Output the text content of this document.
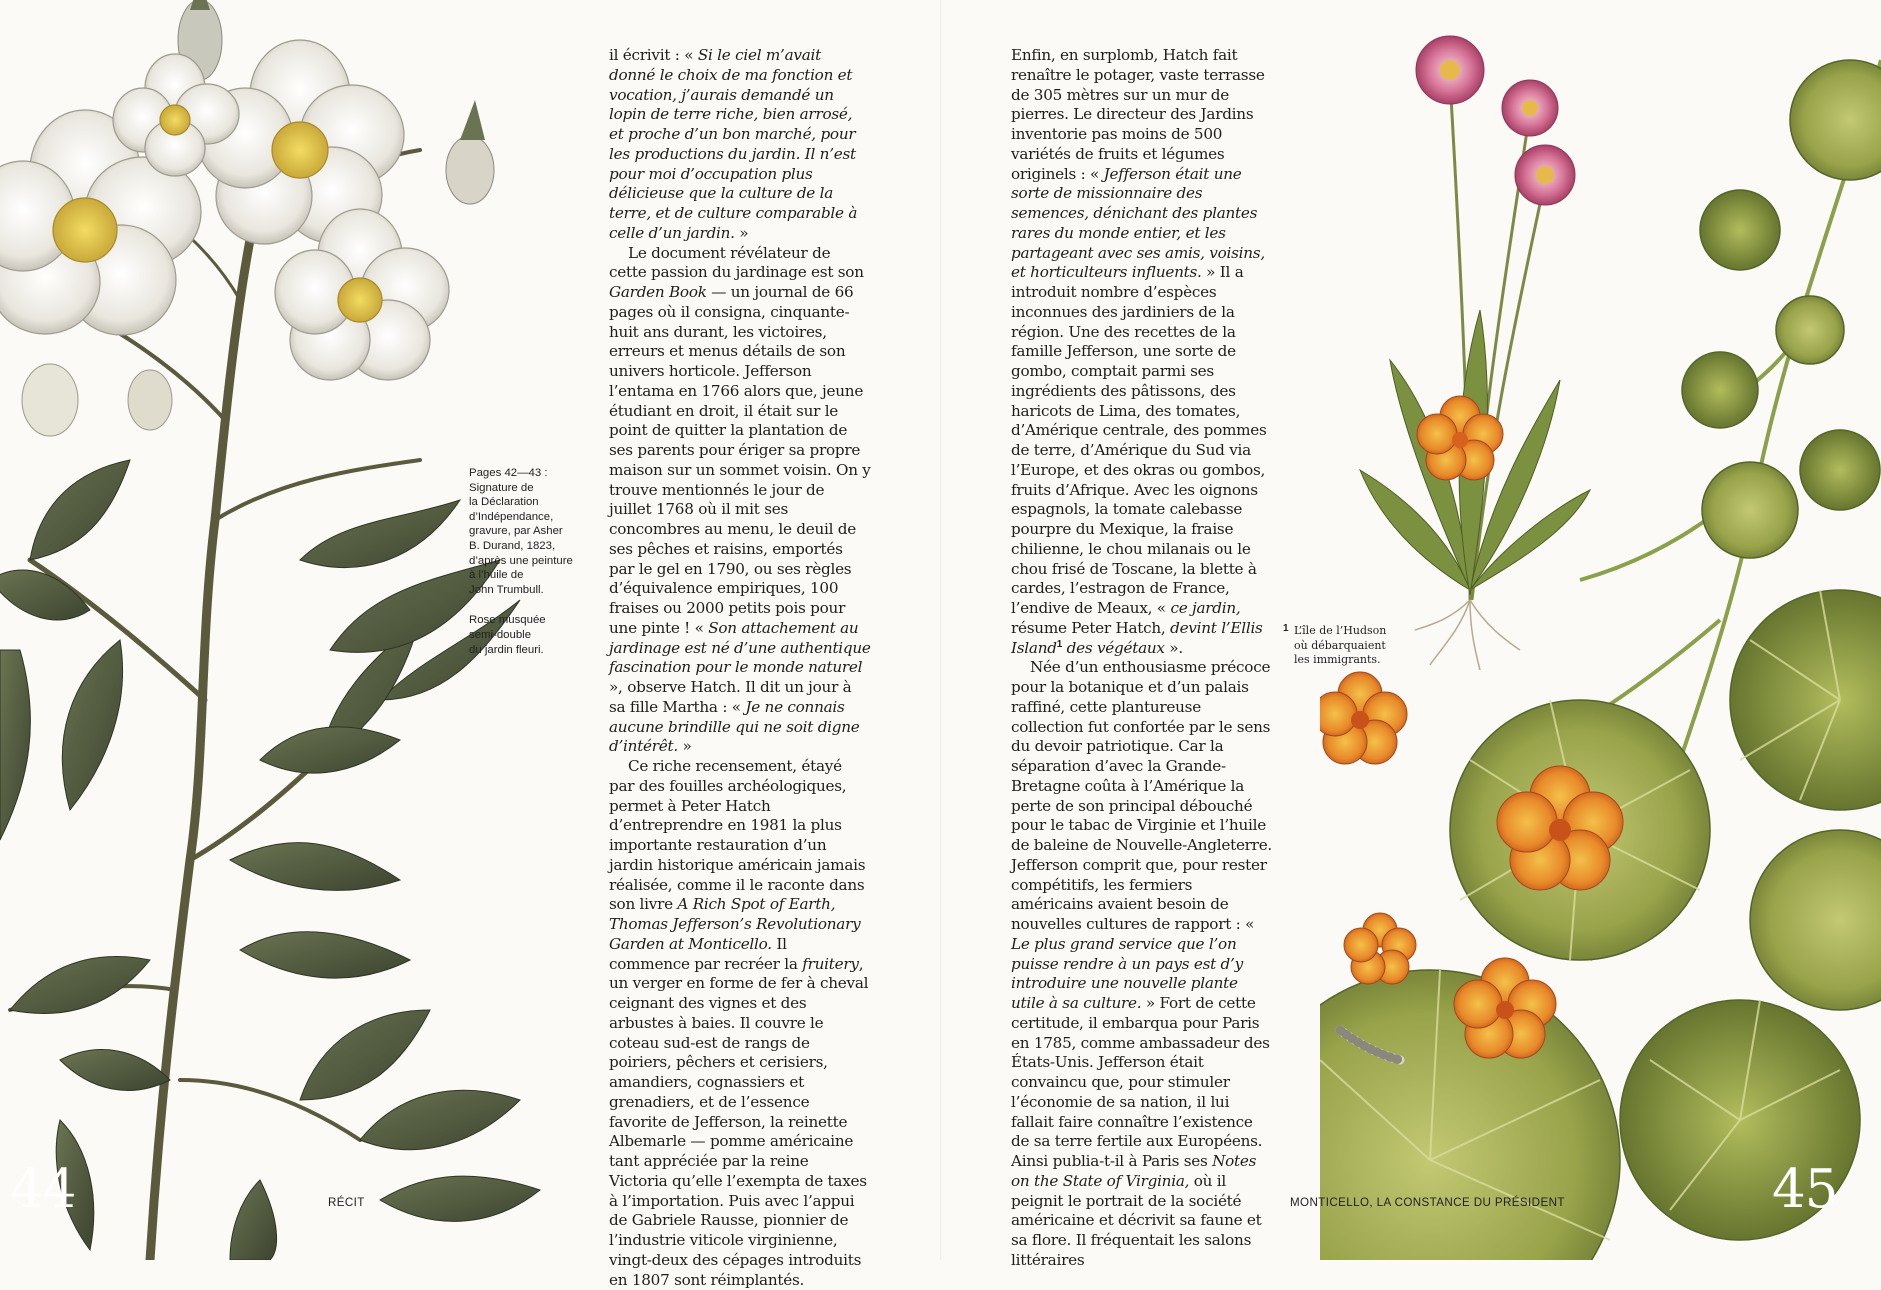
Pages 42—43 :
Signature de
la Déclaration
d’Indépendance,
gravure, par Asher
B. Durand, 1823,
d’après une peinture
à l’huile de
John Trumbull.

Rose musquée
semi-double
du jardin fleuri.

il écrivit : « Si le ciel m’avait donné le choix de ma fonction et vocation, j’aurais demandé un lopin de terre riche, bien arrosé, et proche d’un bon marché, pour les productions du jardin. Il n’est pour moi d’occupation plus délicieuse que la culture de la terre, et de culture comparable à celle d’un jardin. »

Le document révélateur de cette passion du jardinage est son Garden Book — un journal de 66 pages où il consigna, cinquante-huit ans durant, les victoires, erreurs et menus détails de son univers horticole. Jefferson l’entama en 1766 alors que, jeune étudiant en droit, il était sur le point de quitter la plantation de ses parents pour ériger sa propre maison sur un sommet voisin. On y trouve mentionnés le jour de juillet 1768 où il mit ses concombres au menu, le deuil de ses pêches et raisins, emportés par le gel en 1790, ou ses règles d’équivalence empiriques, 100 fraises ou 2000 petits pois pour une pinte ! « Son attachement au jardinage est né d’une authentique fascination pour le monde naturel », observe Hatch. Il dit un jour à sa fille Martha : « Je ne connais aucune brindille qui ne soit digne d’intérêt. »

Ce riche recensement, étayé par des fouilles archéologiques, permet à Peter Hatch d’entreprendre en 1981 la plus importante restauration d’un jardin historique américain jamais réalisée, comme il le raconte dans son livre A Rich Spot of Earth, Thomas Jefferson’s Revolutionary Garden at Monticello. Il commence par recréer la fruitery, un verger en forme de fer à cheval ceignant des vignes et des arbustes à baies. Il couvre le coteau sud-est de rangs de poiriers, pêchers et cerisiers, amandiers, cognassiers et grenadiers, et de l’essence favorite de Jefferson, la reinette Albemarle — pomme américaine tant appréciée par la reine Victoria qu’elle l’exempta de taxes à l’importation. Puis avec l’appui de Gabriele Rausse, pionnier de l’industrie viticole virginienne, vingt-deux des cépages introduits en 1807 sont réimplantés.

Enfin, en surplomb, Hatch fait renaître le potager, vaste terrasse de 305 mètres sur un mur de pierres. Le directeur des Jardins inventorie pas moins de 500 variétés de fruits et légumes originels : « Jefferson était une sorte de missionnaire des semences, dénichant des plantes rares du monde entier, et les partageant avec ses amis, voisins, et horticulteurs influents. » Il a introduit nombre d’espèces inconnues des jardiniers de la région. Une des recettes de la famille Jefferson, une sorte de gombo, comptait parmi ses ingrédients des pâtissons, des haricots de Lima, des tomates, d’Amérique centrale, des pommes de terre, d’Amérique du Sud via l’Europe, et des okras ou gombos, fruits d’Afrique. Avec les oignons espagnols, la tomate calebasse pourpre du Mexique, la fraise chilienne, le chou milanais ou le chou frisé de Toscane, la blette à cardes, l’estragon de France, l’endive de Meaux, « ce jardin, résume Peter Hatch, devint l’Ellis Island$^1$ des végétaux ».

Née d’un enthousiasme précoce pour la botanique et d’un palais raffiné, cette plantureuse collection fut confortée par le sens du devoir patriotique. Car la séparation d’avec la Grande-Bretagne coûta à l’Amérique la perte de son principal débouché pour le tabac de Virginie et l’huile de baleine de Nouvelle-Angleterre. Jefferson comprit que, pour rester compétitifs, les fermiers américains avaient besoin de nouvelles cultures de rapport : « Le plus grand service que l’on puisse rendre à un pays est d’y introduire une nouvelle plante utile à sa culture. » Fort de cette certitude, il embarqua pour Paris en 1785, comme ambassadeur des États-Unis. Jefferson était convaincu que, pour stimuler l’économie de sa nation, il lui fallait faire connaître l’existence de sa terre fertile aux Européens. Ainsi publia-t-il à Paris ses Notes on the State of Virginia, où il peignit le portrait de la société américaine et décrivit sa faune et sa flore. Il fréquentait les salons littéraires

1 L’île de l’Hudson
où débarquaient
les immigrants.
44	RÉCIT	MONTICELLO, LA CONSTANCE DU PRÉSIDENT	45
